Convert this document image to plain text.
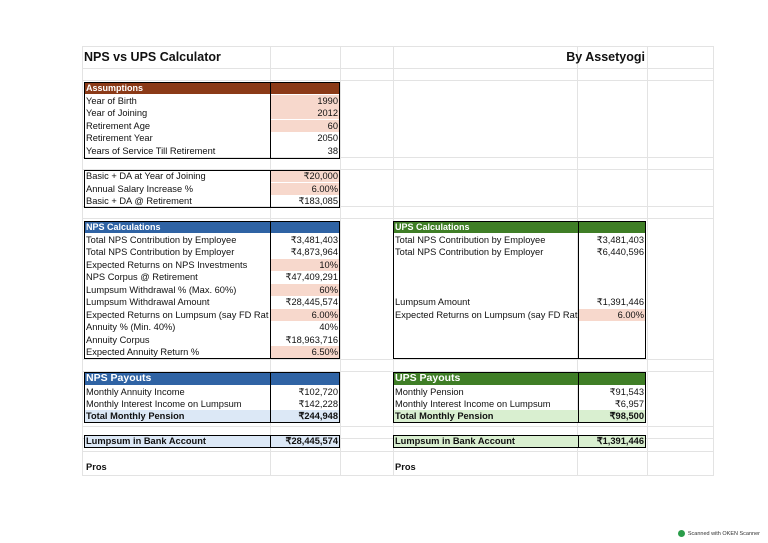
NPS vs UPS Calculator	By Assetyogi
Assumptions
Year of Birth	1990
Year of Joining	2012
Retirement Age	60
Retirement Year	2050
Years of Service Till Retirement	38
Basic + DA at Year of Joining	₹20,000
Annual Salary Increase %	6.00%
Basic + DA @ Retirement	₹183,085
NPS Calculations
Total NPS Contribution by Employee	₹3,481,403
Total NPS Contribution by Employer	₹4,873,964
Expected Returns on NPS Investments	10%
NPS Corpus @ Retirement	₹47,409,291
Lumpsum Withdrawal % (Max. 60%)	60%
Lumpsum Withdrawal Amount	₹28,445,574
Expected Returns on Lumpsum (say FD Rat	6.00%
Annuity % (Min. 40%)	40%
Annuity Corpus	₹18,963,716
Expected Annuity Return %	6.50%
UPS Calculations
Total NPS Contribution by Employee	₹3,481,403
Total NPS Contribution by Employer	₹6,440,596
Lumpsum Amount	₹1,391,446
Expected Returns on Lumpsum (say FD Rat	6.00%
NPS Payouts
Monthly Annuity Income	₹102,720
Monthly Interest Income on Lumpsum	₹142,228
Total Monthly Pension	₹244,948
Lumpsum in Bank Account	₹28,445,574
Pros
UPS Payouts
Monthly Pension	₹91,543
Monthly Interest Income on Lumpsum	₹6,957
Total Monthly Pension	₹98,500
Lumpsum in Bank Account	₹1,391,446
Pros
Scanned with OKEN Scanner
